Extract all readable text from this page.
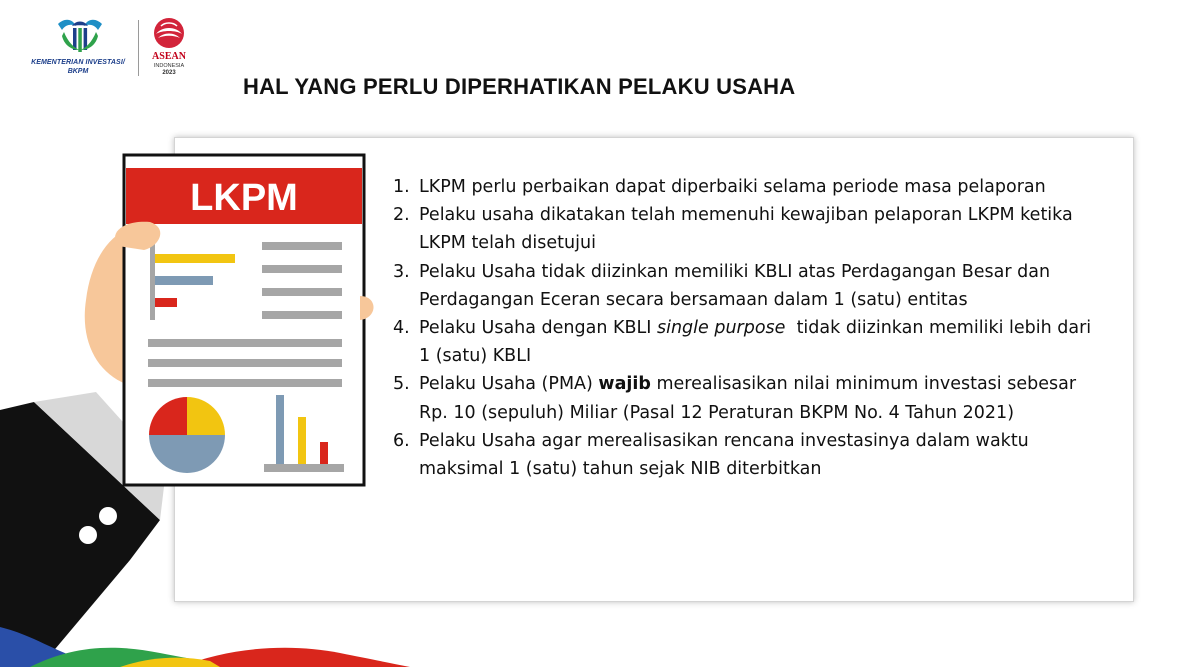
KEMENTERIAN INVESTASI/
BKPM
ASEAN
INDONESIA
2023
HAL YANG PERLU DIPERHATIKAN PELAKU USAHA
LKPM	1. LKPM perlu perbaikan dapat diperbaiki selama periode masa pelaporan
2. Pelaku usaha dikatakan telah memenuhi kewajiban pelaporan LKPM ketika LKPM telah disetujui
3. Pelaku Usaha tidak diizinkan memiliki KBLI atas Perdagangan Besar dan Perdagangan Eceran secara bersamaan dalam 1 (satu) entitas
4. Pelaku Usaha dengan KBLI single purpose  tidak diizinkan memiliki lebih dari 1 (satu) KBLI
5. Pelaku Usaha (PMA) wajib merealisasikan nilai minimum investasi sebesar Rp. 10 (sepuluh) Miliar (Pasal 12 Peraturan BKPM No. 4 Tahun 2021)
6. Pelaku Usaha agar merealisasikan rencana investasinya dalam waktu maksimal 1 (satu) tahun sejak NIB diterbitkan
